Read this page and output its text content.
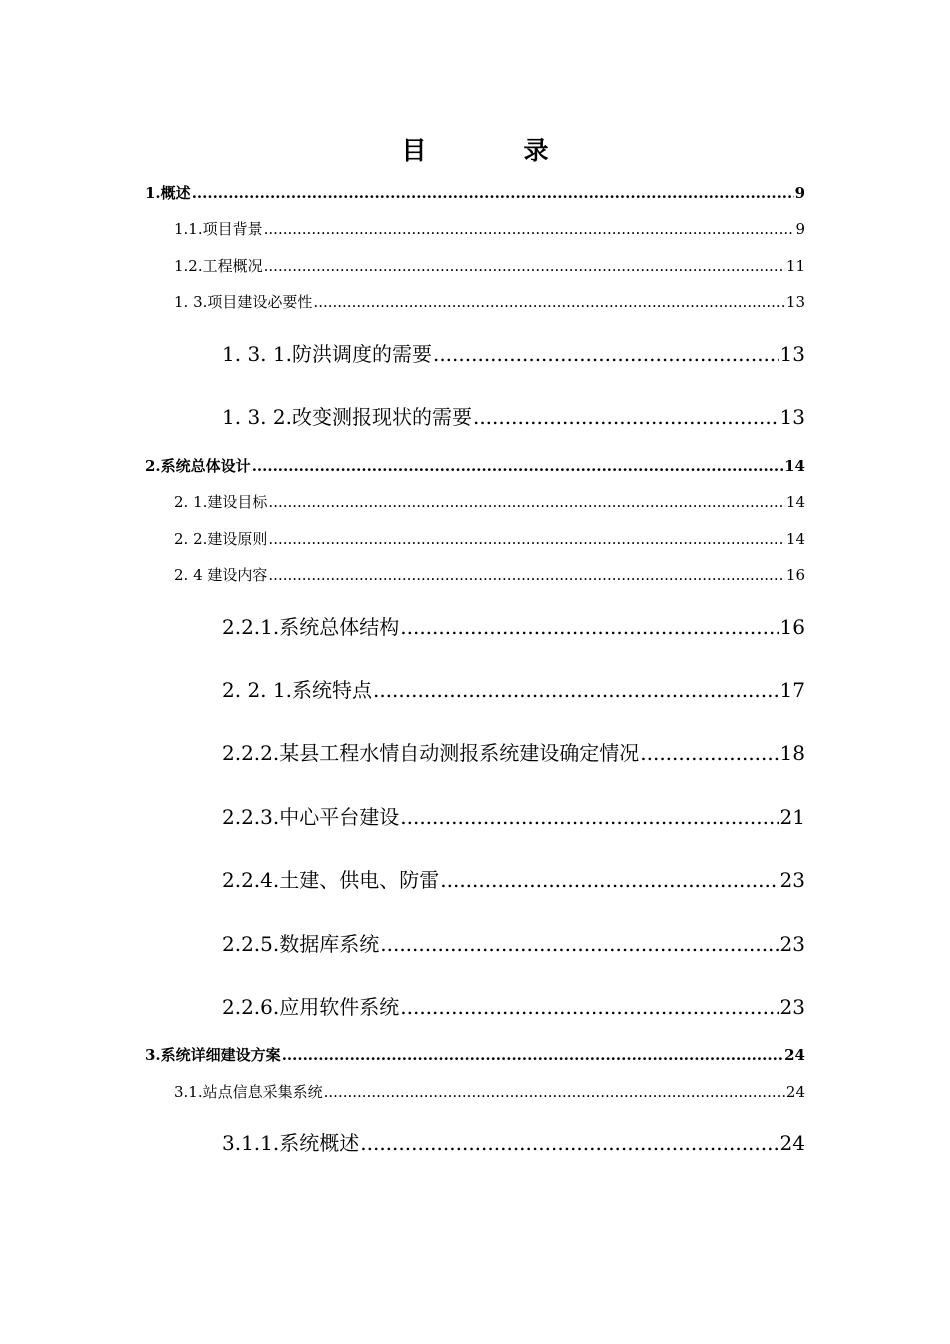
目　录
1. 概述 .....	9
1.1. 项目背景 .....	9
1.2. 工程概况 .....	11
1. 3. 项目建设必要性 .....	13
1. 3. 1. 防洪调度的需要 .....	13
1. 3. 2. 改变测报现状的需要 .....	13
2. 系统总体设计 .....	14
2. 1. 建设目标 .....	14
2. 2. 建设原则 .....	14
2. 4 建设内容 .....	16
2.2.1. 系统总体结构 .....	16
2. 2. 1. 系统特点 .....	17
2.2.2. 某县工程水情自动测报系统建设确定情况 .....	18
2.2.3. 中心平台建设 .....	21
2.2.4. 土建、供电、防雷 .....	23
2.2.5. 数据库系统 .....	23
2.2.6. 应用软件系统 .....	23
3. 系统详细建设方案 .....	24
3.1. 站点信息采集系统 .....	24
3.1.1. 系统概述 .....	24
